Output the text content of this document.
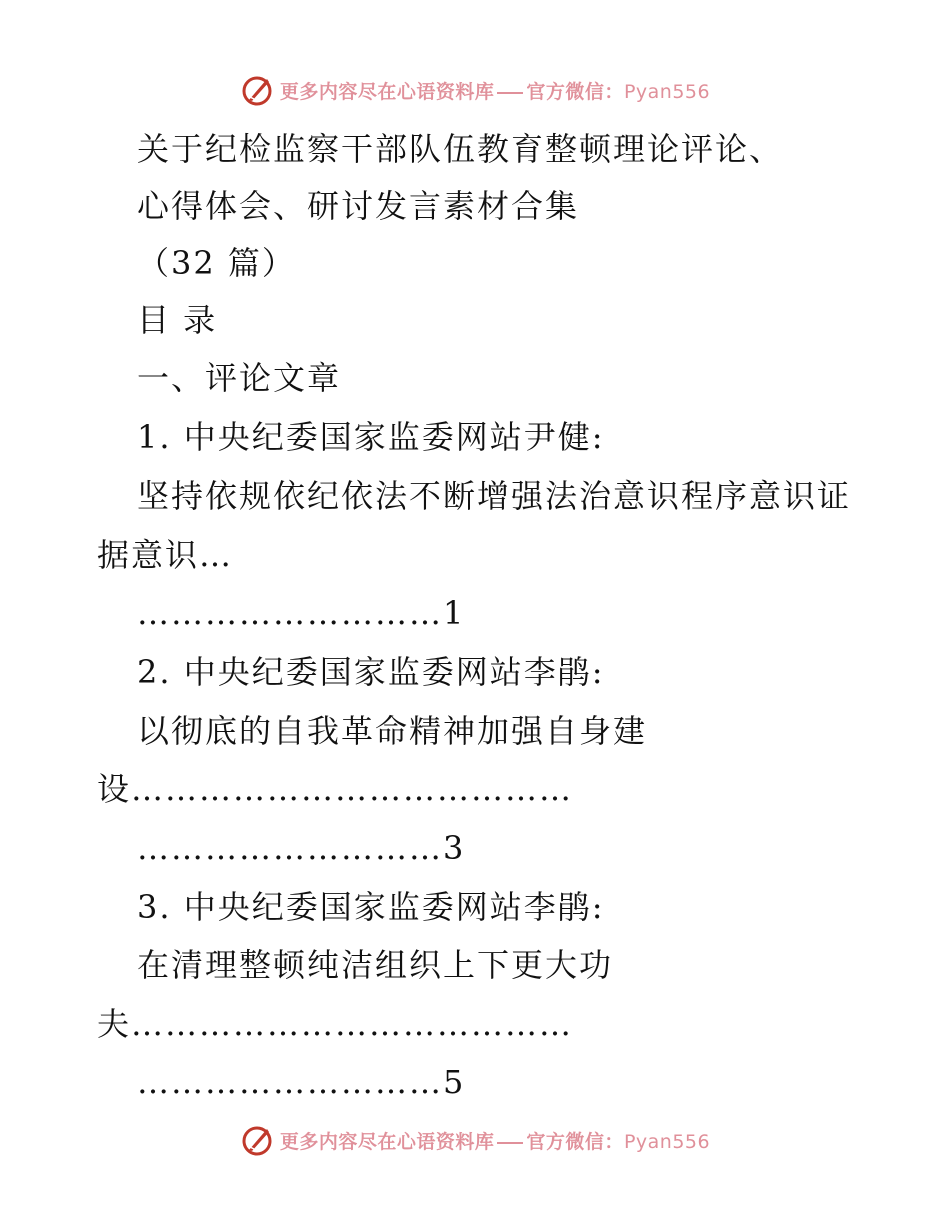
更多内容尽在心语资料库 官方微信：Pyan556
关于纪检监察干部队伍教育整顿理论评论、
心得体会、研讨发言素材合集
（32 篇）
目 录
一、评论文章
1. 中央纪委国家监委网站尹健:
坚持依规依纪依法不断增强法治意识程序意识证
据意识…
………………………1
2. 中央纪委国家监委网站李鹃:
以彻底的自我革命精神加强自身建
设…………………………………
………………………3
3. 中央纪委国家监委网站李鹃:
在清理整顿纯洁组织上下更大功
夫…………………………………
………………………5
更多内容尽在心语资料库 官方微信：Pyan556
